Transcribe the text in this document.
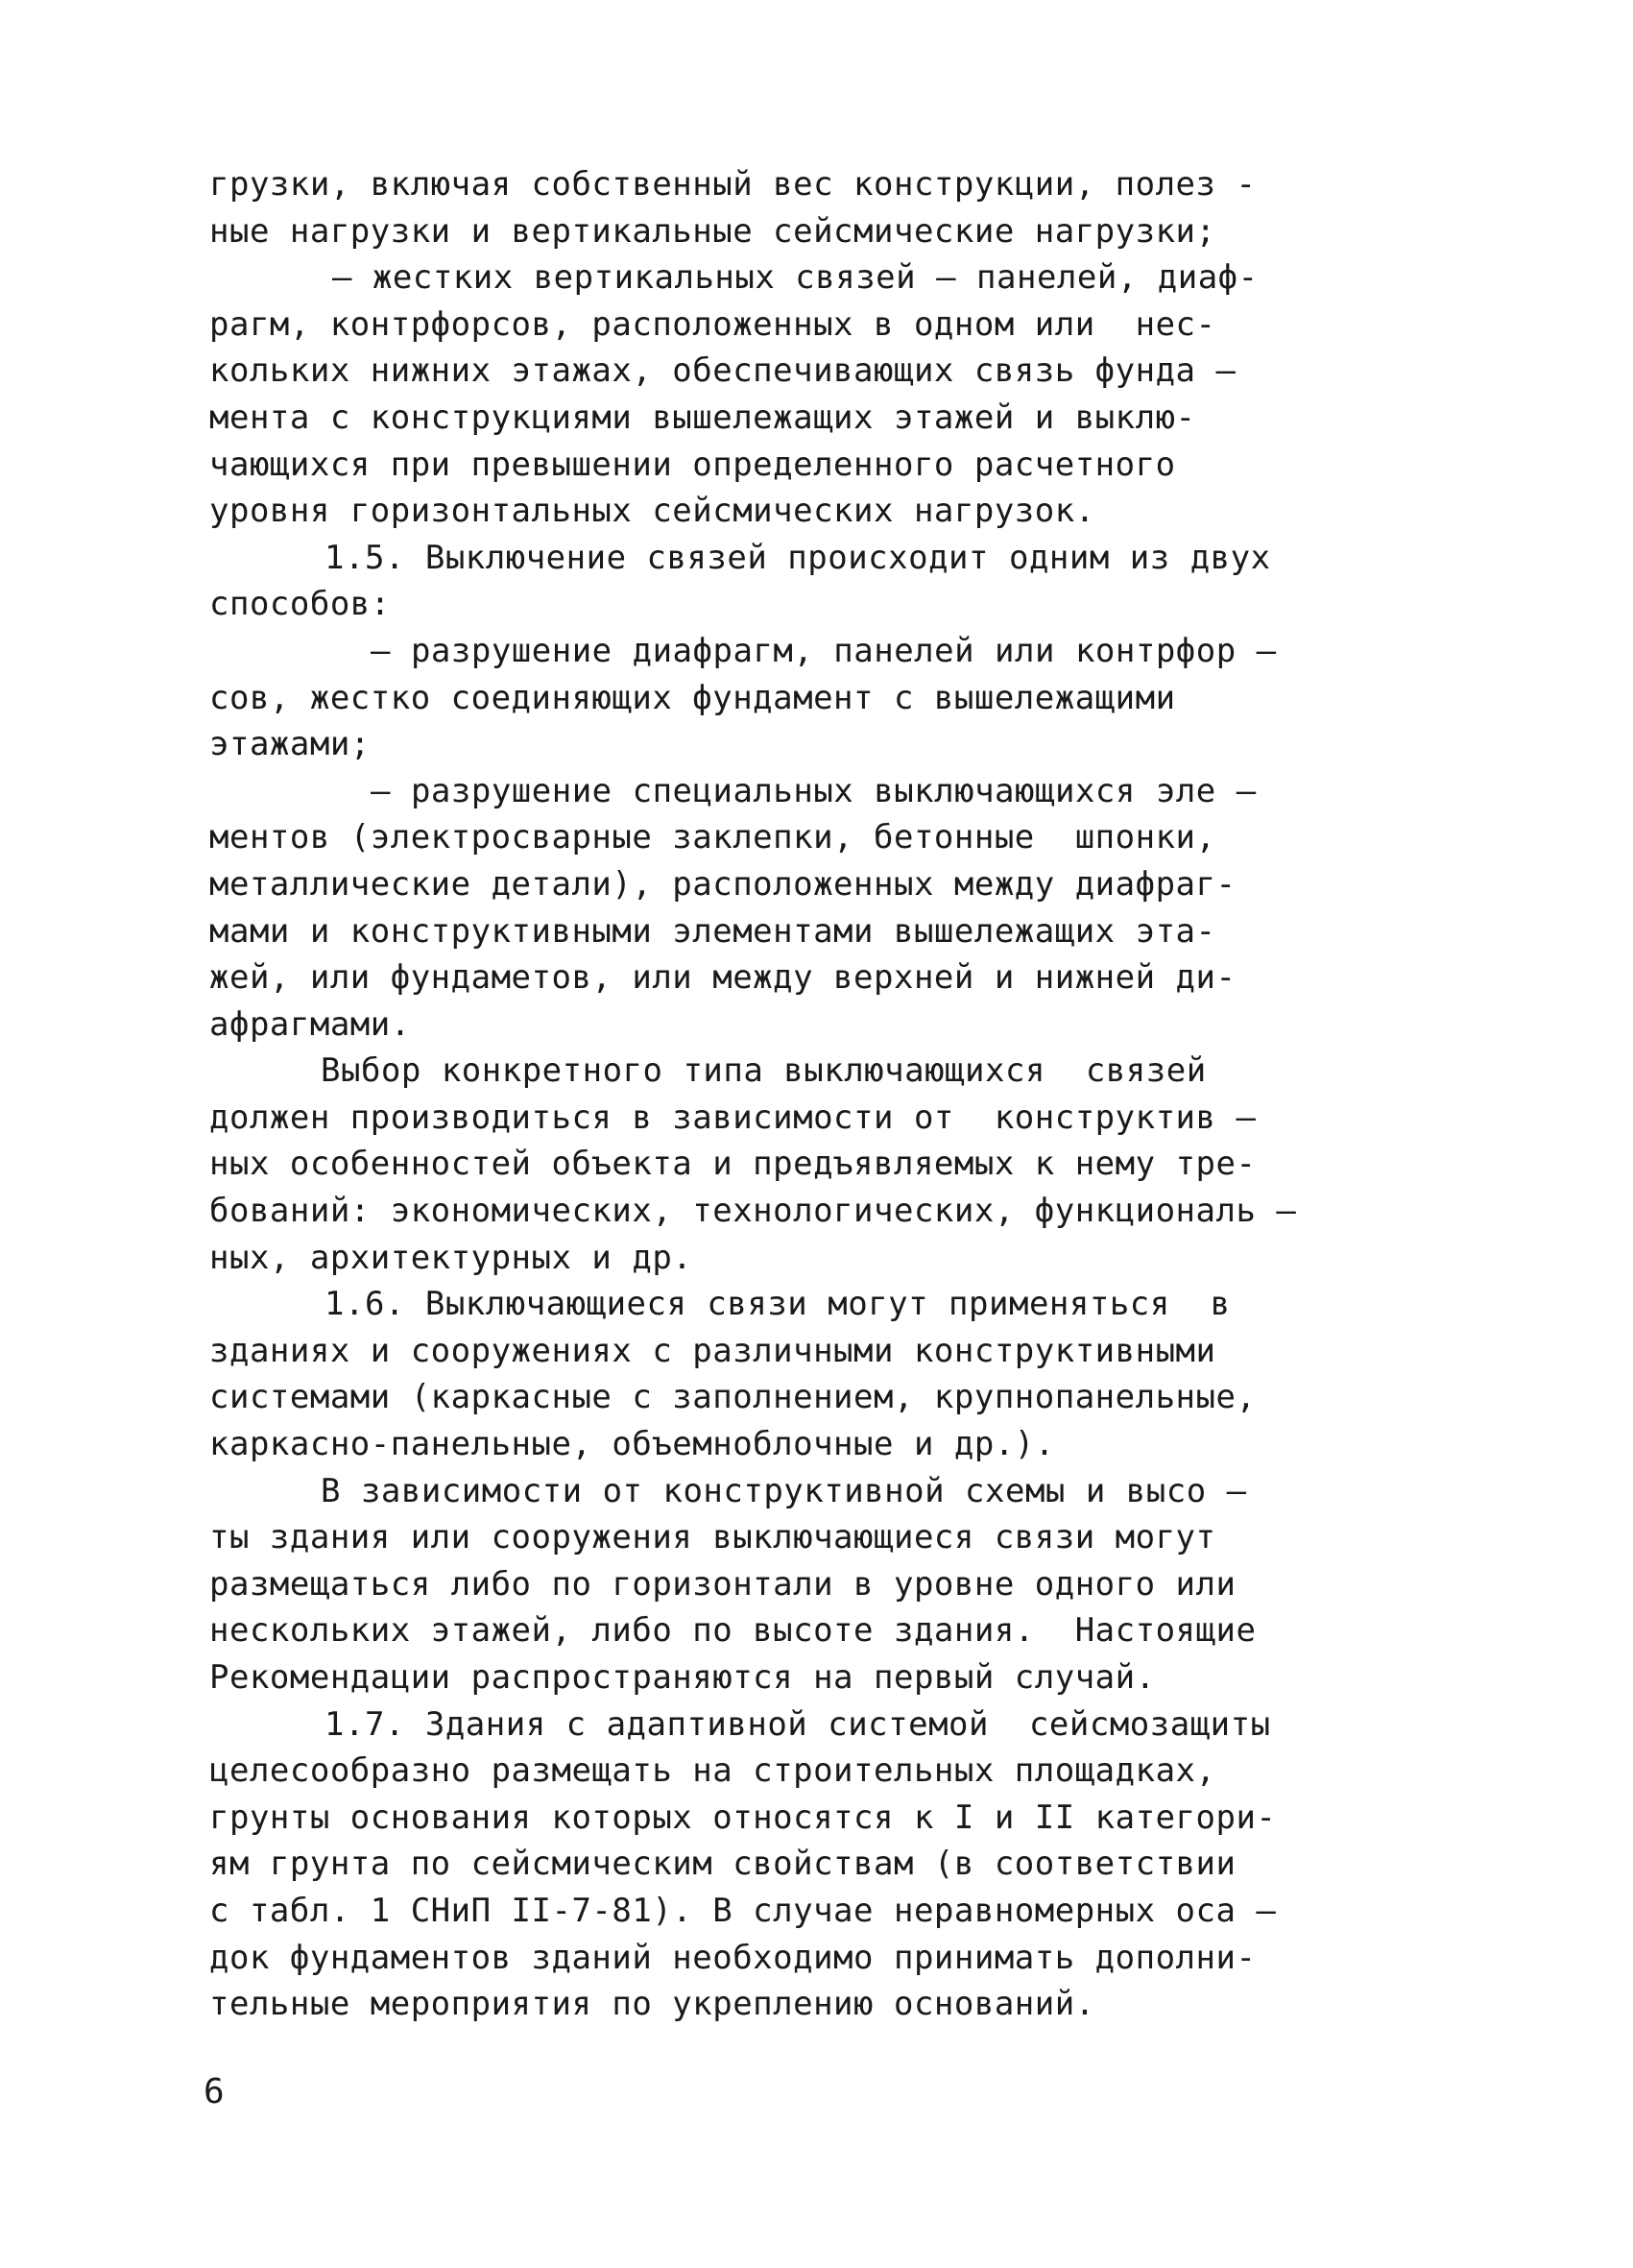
грузки, включая собственный вес конструкции, полез -
ные нагрузки и вертикальные сейсмические нагрузки;
– жестких вертикальных связей – панелей, диаф-
рагм, контрфорсов, расположенных в одном или  нес-
кольких нижних этажах, обеспечивающих связь фунда –
мента с конструкциями вышележащих этажей и выклю-
чающихся при превышении определенного расчетного
уровня горизонтальных сейсмических нагрузок.
1.5. Выключение связей происходит одним из двух
способов:
– разрушение диафрагм, панелей или контрфор –
сов, жестко соединяющих фундамент с вышележащими
этажами;
– разрушение специальных выключающихся эле –
ментов (электросварные заклепки, бетонные  шпонки,
металлические детали), расположенных между диафраг-
мами и конструктивными элементами вышележащих эта-
жей, или фундаметов, или между верхней и нижней ди-
афрагмами.
Выбор конкретного типа выключающихся  связей
должен производиться в зависимости от  конструктив –
ных особенностей объекта и предъявляемых к нему тре-
бований: экономических, технологических, функциональ –
ных, архитектурных и др.
1.6. Выключающиеся связи могут применяться  в
зданиях и сооружениях с различными конструктивными
системами (каркасные с заполнением, крупнопанельные,
каркасно-панельные, объемноблочные и др.).
В зависимости от конструктивной схемы и высо –
ты здания или сооружения выключающиеся связи могут
размещаться либо по горизонтали в уровне одного или
нескольких этажей, либо по высоте здания.  Настоящие
Рекомендации распространяются на первый случай.
1.7. Здания с адаптивной системой  сейсмозащиты
целесообразно размещать на строительных площадках,
грунты основания которых относятся к I и II категори-
ям грунта по сейсмическим свойствам (в соответствии
с табл. 1 СНиП II-7-81). В случае неравномерных оса –
док фундаментов зданий необходимо принимать дополни-
тельные мероприятия по укреплению оснований.
6
